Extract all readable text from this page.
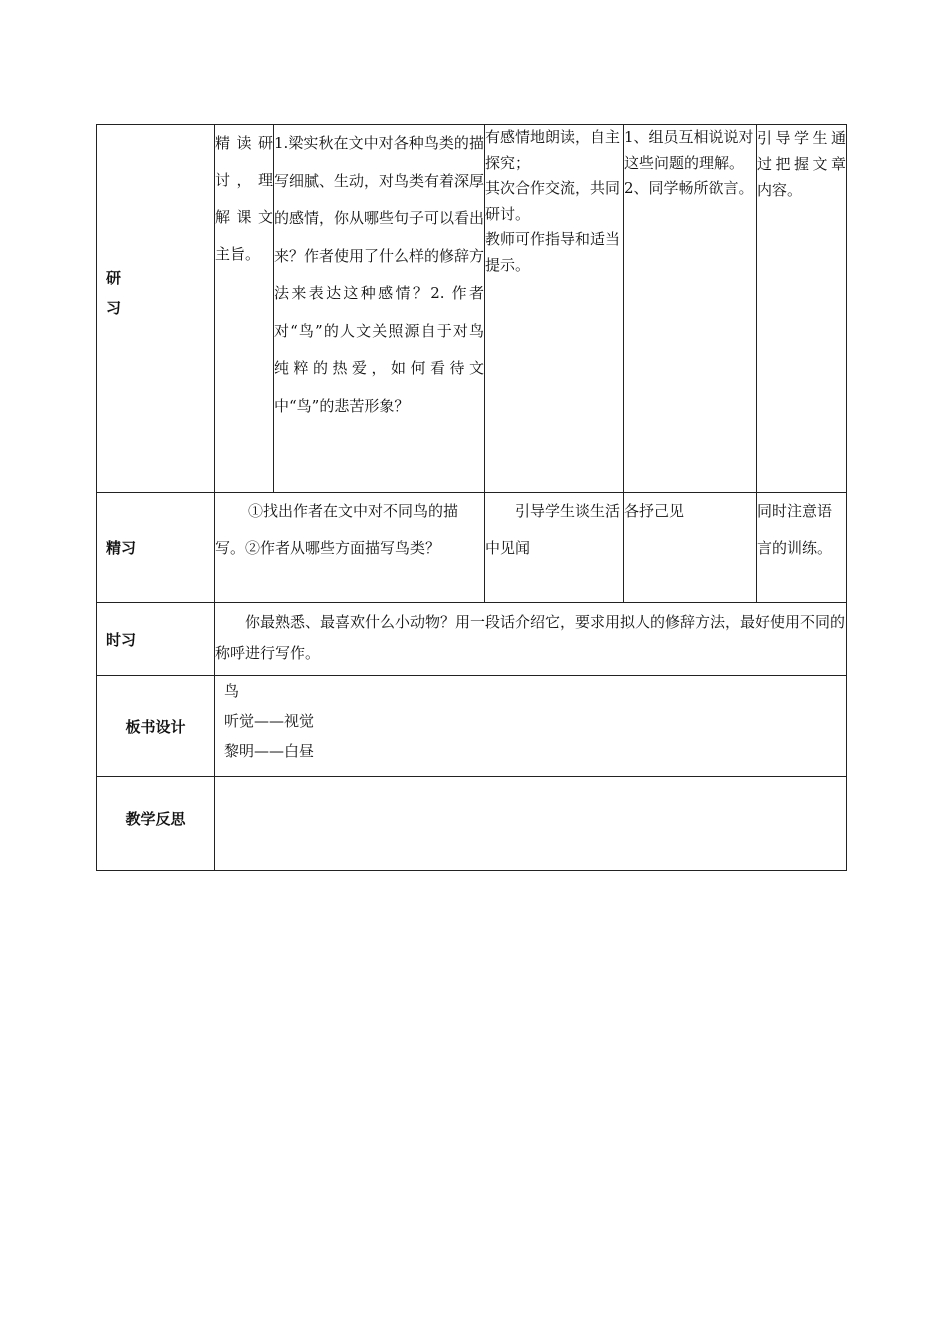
研
习	精读研讨，理解课文主旨。	1.梁实秋在文中对各种鸟类的描写细腻、生动，对鸟类有着深厚的感情，你从哪些句子可以看出来？作者使用了什么样的修辞方法来表达这种感情？2. 作者对“鸟”的人文关照源自于对鸟纯粹的热爱，如何看待文中“鸟”的悲苦形象？	有感情地朗读，自主探究；
其次合作交流，共同研讨。
教师可作指导和适当提示。	1、组员互相说说对这些问题的理解。
2、同学畅所欲言。	引导学生通过把握文章内容。
精习	①找出作者在文中对不同鸟的描写。②作者从哪些方面描写鸟类？		引导学生谈生活中见闻	各抒己见	同时注意语言的训练。
时习	你最熟悉、最喜欢什么小动物？用一段话介绍它，要求用拟人的修辞方法，最好使用不同的称呼进行写作。				

板书设计	鸟
听觉——视觉
黎明——白昼				

教学反思					
